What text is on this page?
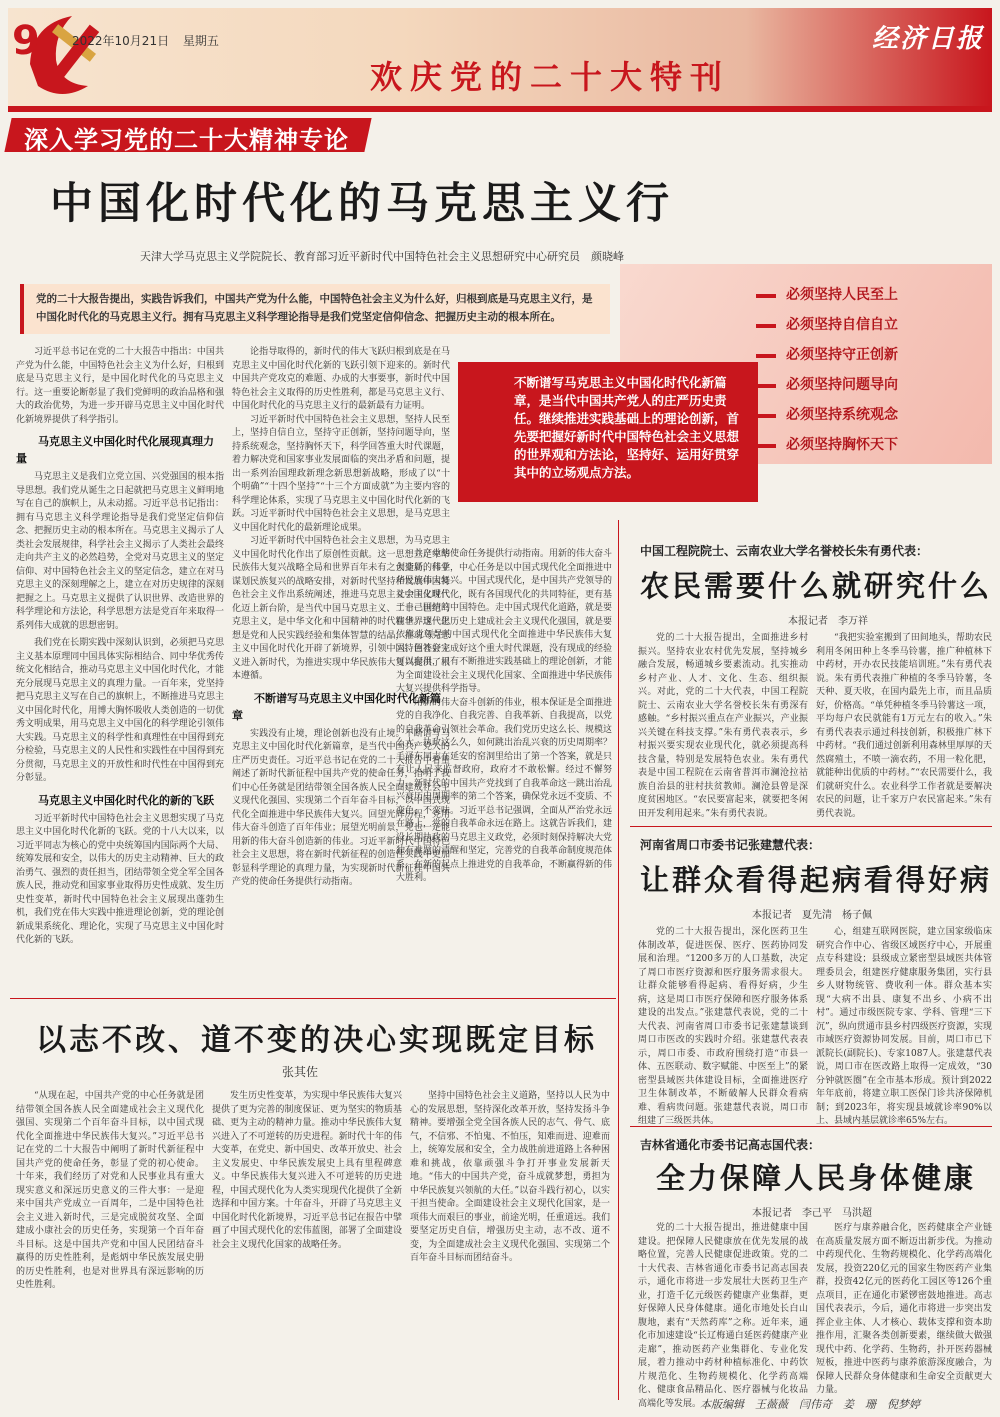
9	2022年10月21日 星期五
欢庆党的二十大特刊
经济日报
深入学习党的二十大精神专论
中国化时代化的马克思主义行
天津大学马克思主义学院院长、教育部习近平新时代中国特色社会主义思想研究中心研究员　颜晓峰
党的二十大报告提出，实践告诉我们，中国共产党为什么能，中国特色社会主义为什么好，归根到底是马克思主义行，是中国化时代化的马克思主义行。拥有马克思主义科学理论指导是我们党坚定信仰信念、把握历史主动的根本所在。
必须坚持人民至上
必须坚持自信自立
必须坚持守正创新
必须坚持问题导向
必须坚持系统观念
必须坚持胸怀天下
不断谱写马克思主义中国化时代化新篇章，是当代中国共产党人的庄严历史责任。继续推进实践基础上的理论创新，首先要把握好新时代中国特色社会主义思想的世界观和方法论，坚持好、运用好贯穿其中的立场观点方法。

习近平总书记在党的二十大报告中指出：中国共产党为什么能，中国特色社会主义为什么好，归根到底是马克思主义行，是中国化时代化的马克思主义行。这一重要论断彰显了我们党鲜明的政治品格和强大的政治优势，为进一步开辟马克思主义中国化时代化新境界提供了科学指引。

马克思主义中国化时代化展现真理力量

马克思主义是我们立党立国、兴党强国的根本指导思想。我们党从诞生之日起就把马克思主义鲜明地写在自己的旗帜上，从未动摇。习近平总书记指出：拥有马克思主义科学理论指导是我们党坚定信仰信念、把握历史主动的根本所在。马克思主义揭示了人类社会发展规律，科学社会主义揭示了人类社会最终走向共产主义的必然趋势，全党对马克思主义的坚定信仰、对中国特色社会主义的坚定信念，建立在对马克思主义的深刻理解之上，建立在对历史规律的深刻把握之上。马克思主义提供了认识世界、改造世界的科学理论和方法论，科学思想方法是党百年来取得一系列伟大成就的思想密钥。

我们党在长期实践中深刻认识到，必须把马克思主义基本原理同中国具体实际相结合、同中华优秀传统文化相结合，推动马克思主义中国化时代化，才能充分展现马克思主义的真理力量。一百年来，党坚持把马克思主义写在自己的旗帜上，不断推进马克思主义中国化时代化，用博大胸怀吸收人类创造的一切优秀文明成果，用马克思主义中国化的科学理论引领伟大实践。马克思主义的科学性和真理性在中国得到充分检验，马克思主义的人民性和实践性在中国得到充分贯彻，马克思主义的开放性和时代性在中国得到充分彰显。

马克思主义中国化时代化的新的飞跃

习近平新时代中国特色社会主义思想实现了马克思主义中国化时代化新的飞跃。党的十八大以来，以习近平同志为核心的党中央统筹国内国际两个大局、统筹发展和安全，以伟大的历史主动精神、巨大的政治勇气、强烈的责任担当，团结带领全党全军全国各族人民，推动党和国家事业取得历史性成就、发生历史性变革，新时代中国特色社会主义展现出蓬勃生机，我们党在伟大实践中推进理论创新，党的理论创新成果系统化、理论化，实现了马克思主义中国化时代化新的飞跃。

论指导取得的，新时代的伟大飞跃归根到底是在马克思主义中国化时代化新的飞跃引领下迎来的。新时代中国共产党攻克的难题、办成的大事要事，新时代中国特色社会主义取得的历史性胜利，都是马克思主义行、中国化时代化的马克思主义行的最新最有力证明。

习近平新时代中国特色社会主义思想，坚持人民至上，坚持自信自立，坚持守正创新，坚持问题导向，坚持系统观念，坚持胸怀天下，科学回答重大时代课题，着力解决党和国家事业发展面临的突出矛盾和问题，提出一系列治国理政新理念新思想新战略，形成了以“十个明确”“十四个坚持”“十三个方面成就”为主要内容的科学理论体系，实现了马克思主义中国化时代化新的飞跃。习近平新时代中国特色社会主义思想，是马克思主义中国化时代化的最新理论成果。

习近平新时代中国特色社会主义思想，为马克思主义中国化时代化作出了原创性贡献。这一思想立足中华民族伟大复兴战略全局和世界百年未有之大变局，科学谋划民族复兴的战略安排，对新时代坚持和发展中国特色社会主义作出系统阐述，推进马克思主义中国化时代化迈上新台阶，是当代中国马克思主义、二十一世纪马克思主义，是中华文化和中国精神的时代精华。这一思想是党和人民实践经验和集体智慧的结晶，推动马克思主义中国化时代化开辟了新境界，引领中国特色社会主义进入新时代，为推进实现中华民族伟大复兴提供了根本遵循。

不断谱写马克思主义中国化时代化新篇章

实践没有止境，理论创新也没有止境。不断谱写马克思主义中国化时代化新篇章，是当代中国共产党人的庄严历史责任。习近平总书记在党的二十大报告中着重阐述了新时代新征程中国共产党的使命任务，指明了我们中心任务就是团结带领全国各族人民全面建成社会主义现代化强国、实现第二个百年奋斗目标，以中国式现代化全面推进中华民族伟大复兴。回望光辉历程，党用伟大奋斗创造了百年伟业；展望光明前景，党也一定能用新的伟大奋斗创造新的伟业。习近平新时代中国特色社会主义思想，将在新时代新征程的创造性实践中更加彰显科学理论的真理力量，为实现新时代新征程中国共产党的使命任务提供行动指南。

共产党的使命任务提供行动指南。用新的伟大奋斗创造新的伟业，中心任务是以中国式现代化全面推进中华民族伟大复兴。中国式现代化，是中国共产党领导的社会主义现代化，既有各国现代化的共同特征，更有基于自己国情的中国特色。走中国式现代化道路，就是要在世界现代化历史上建成社会主义现代化强国，就是要依靠党领导的中国式现代化全面推进中华民族伟大复兴。回答好完成好这个重大时代课题，没有现成的经验可以套用，只有不断推进实践基础上的理论创新，才能为全面建设社会主义现代化国家、全面推进中华民族伟大复兴提供科学指导。

用新的伟大奋斗创新的伟业，根本保证是全面推进党的自我净化、自我完善、自我革新、自我提高，以党的自我革命引领社会革命。我们党历史这么长、规模这么大、执政这么久，如何跳出治乱兴衰的历史周期率？毛泽东同志在延安的窑洞里给出了第一个答案，就是只有让人民来监督政府，政府才不敢松懈。经过不懈努力，新时代的中国共产党找到了自我革命这一跳出治乱兴衰历史周期率的第二个答案，确保党永远不变质、不变色、不变味。习近平总书记强调，全面从严治党永远在路上，党的自我革命永远在路上。这就告诉我们，建设长期执政的马克思主义政党，必须时刻保持解决大党独有难题的清醒和坚定，完善党的自我革命制度规范体系，在新的起点上推进党的自我革命，不断赢得新的伟大胜利。

中国工程院院士、云南农业大学名誉校长朱有勇代表：
农民需要什么就研究什么
本报记者　李万祥

党的二十大报告提出，全面推进乡村振兴。坚持农业农村优先发展，坚持城乡融合发展，畅通城乡要素流动。扎实推动乡村产业、人才、文化、生态、组织振兴。对此，党的二十大代表，中国工程院院士、云南农业大学名誉校长朱有勇深有感触。“乡村振兴重点在产业振兴，产业振兴关键在科技支撑。”朱有勇代表表示，乡村振兴要实现农业现代化，就必须提高科技含量，特别是发展特色农业。朱有勇代表是中国工程院在云南省普洱市澜沧拉祜族自治县的驻村扶贫教师。澜沧县曾是深度贫困地区。“农民要富起来，就要把冬闲田开发利用起来。”朱有勇代表说。

“我把实验室搬到了田间地头，帮助农民利用冬闲田种上冬季马铃薯，推广种植林下中药材，开办农民技能培训班。”朱有勇代表说。朱有勇代表推广种植的冬季马铃薯，冬天种、夏天收，在国内最先上市，而且品质好，价格高。“单凭种植冬季马铃薯这一项，平均每户农民就能有1万元左右的收入。”朱有勇代表表示通过科技创新，积极推广林下中药材。“我们通过创新利用森林里厚厚的天然腐殖土，不喷一滴农药，不用一粒化肥，就能种出优质的中药材。”“农民需要什么，我们就研究什么。农业科学工作者就是要解决农民的问题，让千家万户农民富起来。”朱有勇代表说。

河南省周口市委书记张建慧代表：
让群众看得起病看得好病
本报记者　夏先清　杨子佩

党的二十大报告提出，深化医药卫生体制改革，促进医保、医疗、医药协同发展和治理。“1200多万的人口基数，决定了周口市医疗资源和医疗服务需求很大。让群众能够看得起病、看得好病，少生病，这是周口市医疗保障和医疗服务体系建设的出发点。”张建慧代表说，党的二十大代表、河南省周口市委书记张建慧谈到周口市医改的实践时介绍。张建慧代表表示，周口市委、市政府围绕打造“市县一体、五医联动、数字赋能、中医至上”的紧密型县域医共体建设目标，全面推进医疗卫生体制改革，不断破解人民群众看病难、看病贵问题。张建慧代表说，周口市组建了三级医共体。

心，组建互联网医院，建立国家级临床研究合作中心、省级区域医疗中心，开展重点专科建设；县级成立紧密型县域医共体管理委员会，组建医疗健康服务集团，实行县乡人财物统管、费收利一体。群众基本实现“大病不出县、康复不出乡、小病不出村”。通过市级医院专家、学科、管理“三下沉”，纵向贯通市县乡村四级医疗资源，实现市域医疗资源协同发展。目前，周口市已下派院长(副院长)、专家1087人。张建慧代表说，周口市在医改路上取得一定成效，“30分钟就医圈”在全市基本形成。预计到2022年年底前，将建立职工医保门诊共济保障机制；到2023年，将实现县域就诊率90%以上、县域内基层就诊率65%左右。

吉林省通化市委书记高志国代表：
全力保障人民身体健康
本报记者　李己平　马洪超

党的二十大报告提出，推进健康中国建设。把保障人民健康放在优先发展的战略位置，完善人民健康促进政策。党的二十大代表、吉林省通化市委书记高志国表示，通化市将进一步发展壮大医药卫生产业，打造千亿元级医药健康产业集群，更好保障人民身体健康。通化市地处长白山腹地，素有“天然药库”之称。近年来，通化市加速建设“长辽梅通白延医药健康产业走廊”，推动医药产业集群化、专业化发展，着力推动中药材种植标准化、中药饮片规范化、生物药规模化、化学药高端化、健康食品精品化、医疗器械与化妆品高端化等发展。

医疗与康养融合化，医药健康全产业链在高质量发展方面不断迈出新步伐。为推动中药现代化、生物药规模化、化学药高端化发展，投资220亿元的国家生物医药产业集群，投资42亿元的医药化工园区等126个重点项目，正在通化市紧锣密鼓地推进。高志国代表表示，今后，通化市将进一步突出发挥企业主体、人才核心、载体支撑和资本助推作用，汇聚各类创新要素，继续做大做强现代中药、化学药、生物药，扑开医药器械短板，推进中医药与康养旅游深度融合，为保障人民群众身体健康和生命安全贡献更大力量。

以志不改、道不变的决心实现既定目标
张其佐

“从现在起，中国共产党的中心任务就是团结带领全国各族人民全面建成社会主义现代化强国、实现第二个百年奋斗目标，以中国式现代化全面推进中华民族伟大复兴。”习近平总书记在党的二十大报告中阐明了新时代新征程中国共产党的使命任务，彰显了党的初心使命。十年来，我们经历了对党和人民事业具有重大现实意义和深远历史意义的三件大事：一是迎来中国共产党成立一百周年，二是中国特色社会主义进入新时代，三是完成脱贫攻坚、全面建成小康社会的历史任务，实现第一个百年奋斗目标。这是中国共产党和中国人民团结奋斗赢得的历史性胜利，是彪炳中华民族发展史册的历史性胜利，也是对世界具有深远影响的历史性胜利。

发生历史性变革，为实现中华民族伟大复兴提供了更为完善的制度保证、更为坚实的物质基础、更为主动的精神力量。推动中华民族伟大复兴进入了不可逆转的历史进程。新时代十年的伟大变革，在党史、新中国史、改革开放史、社会主义发展史、中华民族发展史上具有里程碑意义。中华民族伟大复兴进入不可逆转的历史进程，中国式现代化为人类实现现代化提供了全新选择和中国方案。十年奋斗，开辟了马克思主义中国化时代化新境界，习近平总书记在报告中擘画了中国式现代化的宏伟蓝图，部署了全面建设社会主义现代化国家的战略任务。

坚持中国特色社会主义道路，坚持以人民为中心的发展思想，坚持深化改革开放，坚持发扬斗争精神。要增强全党全国各族人民的志气、骨气、底气，不信邪、不怕鬼、不怕压，知难而进、迎难而上，统筹发展和安全，全力战胜前进道路上各种困难和挑战，依靠顽强斗争打开事业发展新天地。“伟大的中国共产党，奋斗成就梦想，勇担为中华民族复兴领航的大任。”以奋斗践行初心，以实干担当使命。全面建设社会主义现代化国家，是一项伟大而艰巨的事业，前途光明，任重道远。我们要坚定历史自信，增强历史主动，志不改、道不变，为全面建成社会主义现代化强国、实现第二个百年奋斗目标而团结奋斗。

本版编辑　王薇薇　闫伟奇　姜　珊　倪梦婷
